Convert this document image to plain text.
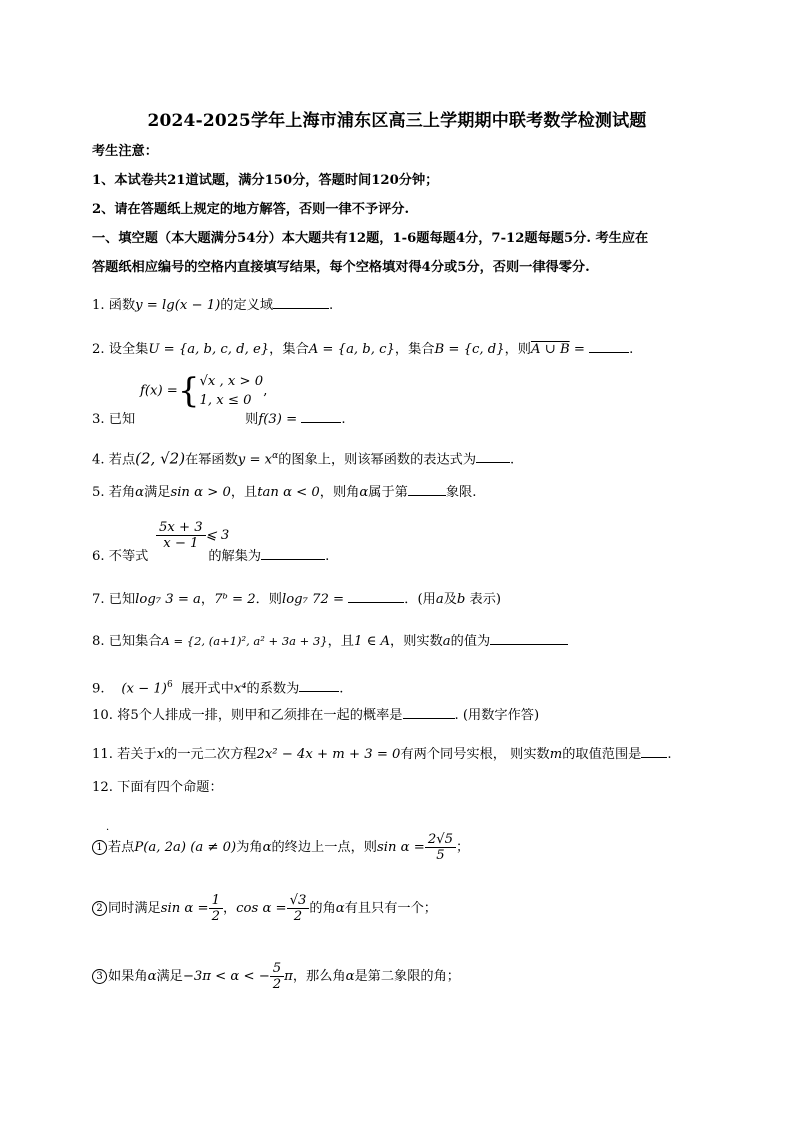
2024-2025学年上海市浦东区高三上学期期中联考数学检测试题
考生注意：
1、本试卷共21道试题，满分150分，答题时间120分钟；
2、请在答题纸上规定的地方解答，否则一律不予评分.
一、填空题（本大题满分54分）本大题共有12题，1-6题每题4分，7-12题每题5分. 考生应在
答题纸相应编号的空格内直接填写结果，每个空格填对得4分或5分，否则一律得零分.
1. 函数y = lg(x − 1)的定义域	.
2. 设全集U = {a, b, c, d, e}，集合A = {a, b, c}，集合B = {c, d}，则A ∪ B =	.
f(x) ={ √x , x > 0
1, x ≤ 0
,
3. 已知	则f(3) =	.
4. 若点(2, √2)在幂函数$y = x^\alpha$的图象上，则该幂函数的表达式为	.
5. 若角α满足sin α > 0，且tan α < 0，则角α属于第	象限.
$\frac{5x + 3}{x - 1}$ ⩽ 3
6. 不等式	的解集为	.
7. 已知log₇ 3 = a，7ᵇ = 2．则log₇ 72 =	．(用a及b 表示)
8. 已知集合A = {2, (a+1)², a² + 3a + 3}，且1 ∈ A，则实数a的值为
9. $(x - 1)^6$ 展开式中x⁴的系数为	.
10. 将5个人排成一排，则甲和乙须排在一起的概率是	. (用数字作答)
11. 若关于x的一元二次方程2x² − 4x + m + 3 = 0有两个同号实根， 则实数m的取值范围是 .
12. 下面有四个命题：
·
1 若点P(a, 2a) (a ≠ 0)为角α的终边上一点，则$\sin \alpha = \frac{2√5}{5}$ ；
2 同时满足$\sin \alpha = \frac{1}{2}$ ，$\cos \alpha = \frac{√3}{2}$ 的角α有且只有一个；
3 如果角α满足−3π < α < − $\frac{5}{2}$ π，那么角α是第二象限的角；
